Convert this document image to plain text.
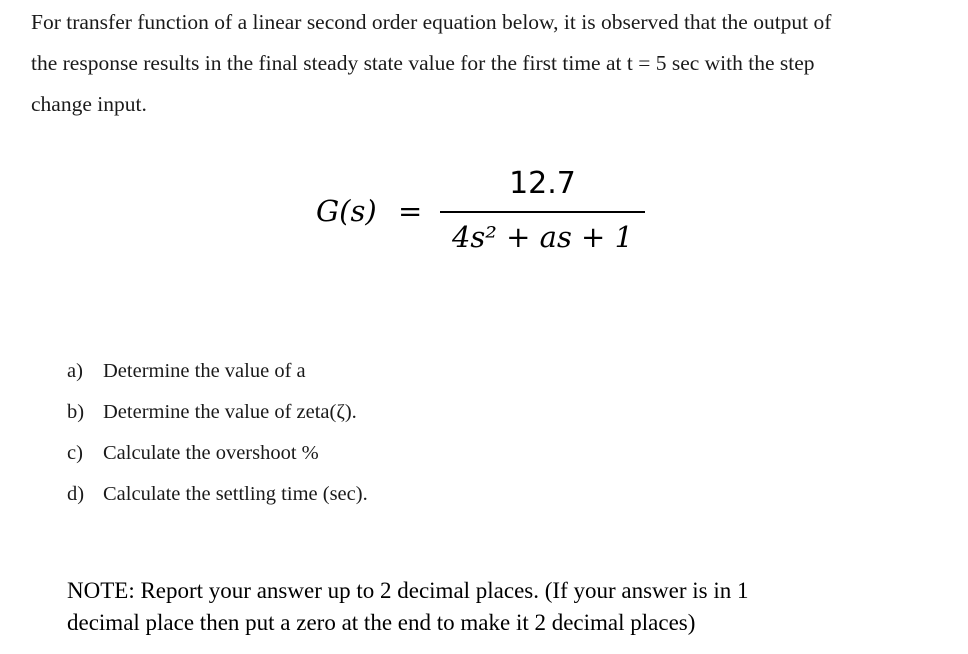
For transfer function of a linear second order equation below, it is observed that the output of
the response results in the final steady state value for the first time at t = 5 sec with the step
change input.
G(s) =
12.7
4s² + as + 1
a) Determine the value of a
b) Determine the value of zeta(ζ).
c) Calculate the overshoot %
d) Calculate the settling time (sec).
NOTE: Report your answer up to 2 decimal places. (If your answer is in 1
decimal place then put a zero at the end to make it 2 decimal places)
